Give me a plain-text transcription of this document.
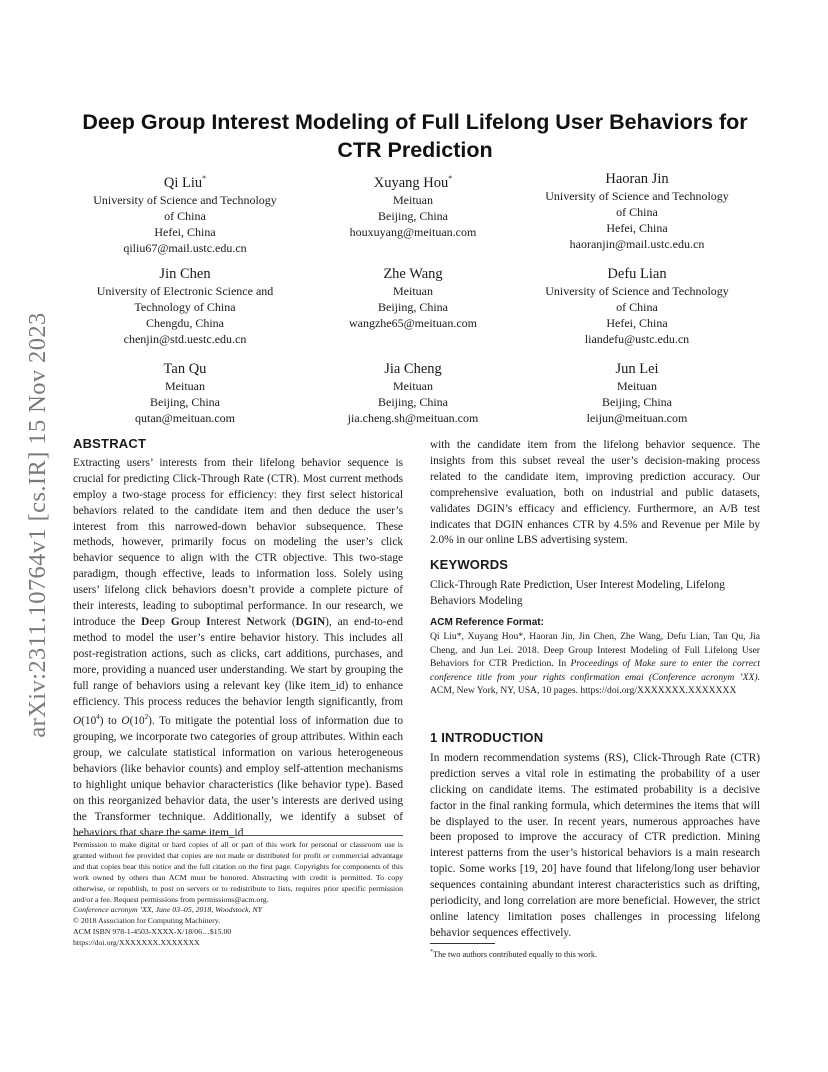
arXiv:2311.10764v1 [cs.IR] 15 Nov 2023
Deep Group Interest Modeling of Full Lifelong User Behaviors for CTR Prediction
Qi Liu*
University of Science and Technology
of China
Hefei, China
qiliu67@mail.ustc.edu.cn
Xuyang Hou*
Meituan
Beijing, China
houxuyang@meituan.com
Haoran Jin
University of Science and Technology
of China
Hefei, China
haoranjin@mail.ustc.edu.cn
Jin Chen
University of Electronic Science and
Technology of China
Chengdu, China
chenjin@std.uestc.edu.cn
Zhe Wang
Meituan
Beijing, China
wangzhe65@meituan.com
Defu Lian
University of Science and Technology
of China
Hefei, China
liandefu@ustc.edu.cn
Tan Qu
Meituan
Beijing, China
qutan@meituan.com
Jia Cheng
Meituan
Beijing, China
jia.cheng.sh@meituan.com
Jun Lei
Meituan
Beijing, China
leijun@meituan.com
ABSTRACT

Extracting users’ interests from their lifelong behavior sequence is crucial for predicting Click-Through Rate (CTR). Most current methods employ a two-stage process for efficiency: they first select historical behaviors related to the candidate item and then deduce the user’s interest from this narrowed-down behavior subsequence. These methods, however, primarily focus on modeling the user’s click behavior sequence to align with the CTR objective. This two-stage paradigm, though effective, leads to information loss. Solely using users’ lifelong click behaviors doesn’t provide a complete picture of their interests, leading to suboptimal performance. In our research, we introduce the Deep Group Interest Network (DGIN), an end-to-end method to model the user’s entire behavior history. This includes all post-registration actions, such as clicks, cart additions, purchases, and more, providing a nuanced user understanding. We start by grouping the full range of behaviors using a relevant key (like item_id) to enhance efficiency. This process reduces the behavior length significantly, from $O(10^4)$ to $O(10^2)$. To mitigate the potential loss of information due to grouping, we incorporate two categories of group attributes. Within each group, we calculate statistical information on various heterogeneous behaviors (like behavior counts) and employ self-attention mechanisms to highlight unique behavior characteristics (like behavior type). Based on this reorganized behavior data, the user’s interests are derived using the Transformer technique. Additionally, we identify a subset of behaviors that share the same item_id

Permission to make digital or hard copies of all or part of this work for personal or classroom use is granted without fee provided that copies are not made or distributed for profit or commercial advantage and that copies bear this notice and the full citation on the first page. Copyrights for components of this work owned by others than ACM must be honored. Abstracting with credit is permitted. To copy otherwise, or republish, to post on servers or to redistribute to lists, requires prior specific permission and/or a fee. Request permissions from permissions@acm.org.

Conference acronym ’XX, June 03–05, 2018, Woodstock, NY

© 2018 Association for Computing Machinery.

ACM ISBN 978-1-4503-XXXX-X/18/06…$15.00

https://doi.org/XXXXXXX.XXXXXXX

with the candidate item from the lifelong behavior sequence. The insights from this subset reveal the user’s decision-making process related to the candidate item, improving prediction accuracy. Our comprehensive evaluation, both on industrial and public datasets, validates DGIN’s efficacy and efficiency. Furthermore, an A/B test indicates that DGIN enhances CTR by 4.5% and Revenue per Mile by 2.0% in our online LBS advertising system.

KEYWORDS

Click-Through Rate Prediction, User Interest Modeling, Lifelong Behaviors Modeling

ACM Reference Format:

Qi Liu*, Xuyang Hou*, Haoran Jin, Jin Chen, Zhe Wang, Defu Lian, Tan Qu, Jia Cheng, and Jun Lei. 2018. Deep Group Interest Modeling of Full Lifelong User Behaviors for CTR Prediction. In Proceedings of Make sure to enter the correct conference title from your rights confirmation emai (Conference acronym ’XX). ACM, New York, NY, USA, 10 pages. https://doi.org/XXXXXXX.XXXXXXX

1 INTRODUCTION

In modern recommendation systems (RS), Click-Through Rate (CTR) prediction serves a vital role in estimating the probability of a user clicking on candidate items. The estimated probability is a decisive factor in the final ranking formula, which determines the items that will be displayed to the user. In recent years, numerous approaches have been proposed to improve the accuracy of CTR prediction. Mining interest patterns from the user’s historical behaviors is a main research topic. Some works [19, 20] have found that lifelong/long user behavior sequences containing abundant interest characteristics such as drifting, periodicity, and long correlation are more beneficial. However, the strict online latency limitation poses challenges in processing lifelong behavior sequences effectively.

*The two authors contributed equally to this work.
